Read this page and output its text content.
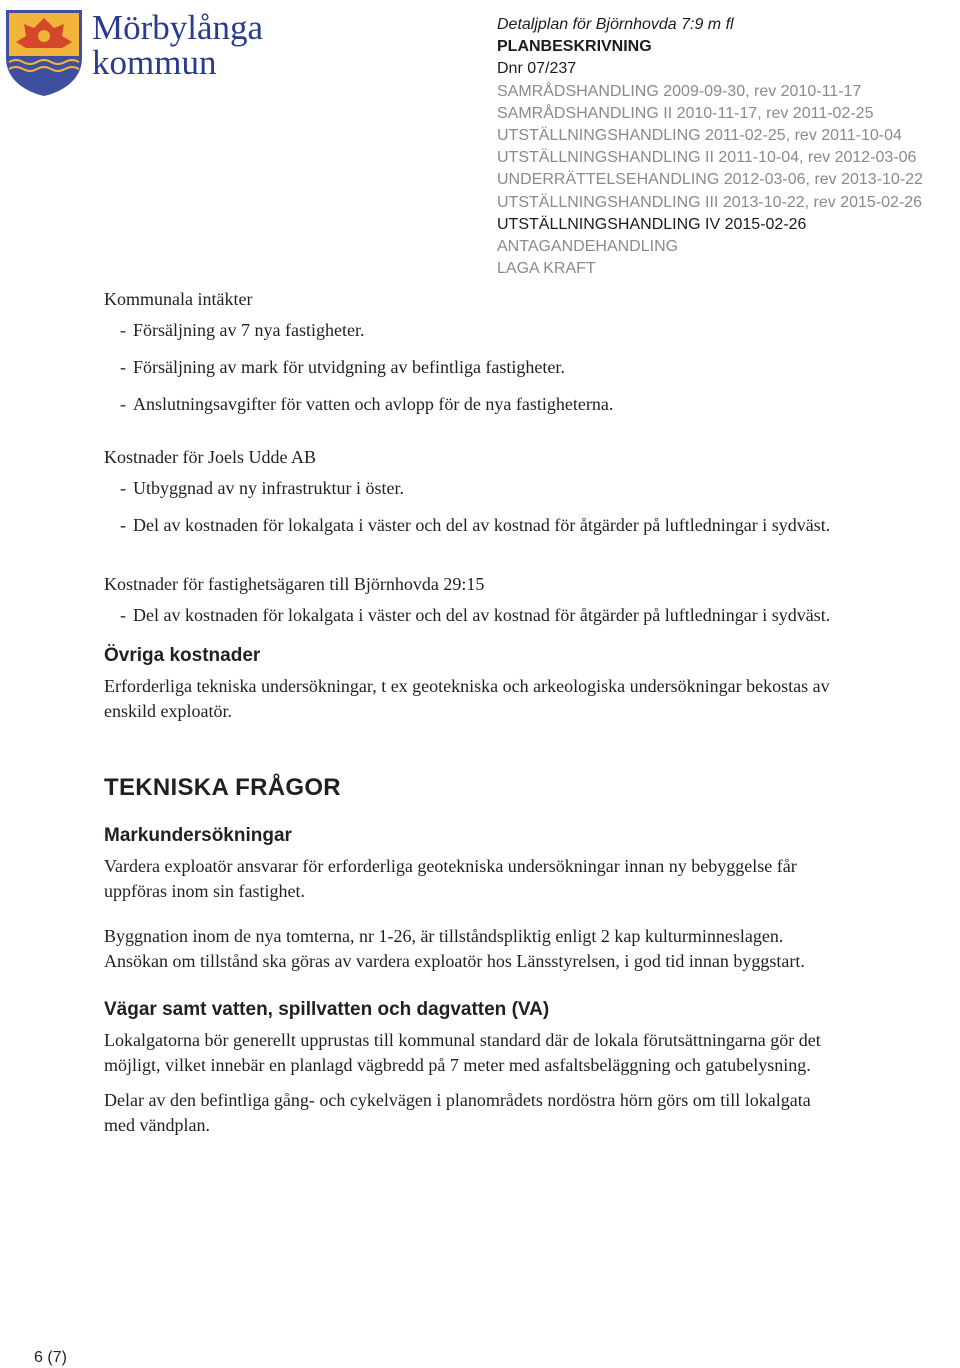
Mörbylånga
kommun
Detaljplan för Björnhovda 7:9 m fl
PLANBESKRIVNING
Dnr 07/237
SAMRÅDSHANDLING 2009-09-30, rev 2010-11-17
SAMRÅDSHANDLING II 2010-11-17, rev 2011-02-25
UTSTÄLLNINGSHANDLING 2011-02-25, rev 2011-10-04
UTSTÄLLNINGSHANDLING II 2011-10-04, rev 2012-03-06
UNDERRÄTTELSEHANDLING 2012-03-06, rev 2013-10-22
UTSTÄLLNINGSHANDLING III 2013-10-22, rev 2015-02-26
UTSTÄLLNINGSHANDLING IV 2015-02-26
ANTAGANDEHANDLING
LAGA KRAFT

Kommunala intäkter

- Försäljning av 7 nya fastigheter.
- Försäljning av mark för utvidgning av befintliga fastigheter.
- Anslutningsavgifter för vatten och avlopp för de nya fastigheterna.

Kostnader för Joels Udde AB

- Utbyggnad av ny infrastruktur i öster.
- Del av kostnaden för lokalgata i väster och del av kostnad för åtgärder på luftledningar i sydväst.

Kostnader för fastighetsägaren till Björnhovda 29:15

- Del av kostnaden för lokalgata i väster och del av kostnad för åtgärder på luftledningar i sydväst.

Övriga kostnader

Erforderliga tekniska undersökningar, t ex geotekniska och arkeologiska undersökningar bekostas av enskild exploatör.

TEKNISKA FRÅGOR

Markundersökningar

Vardera exploatör ansvarar för erforderliga geotekniska undersökningar innan ny bebyggelse får uppföras inom sin fastighet.

Byggnation inom de nya tomterna, nr 1-26, är tillståndspliktig enligt 2 kap kulturminneslagen. Ansökan om tillstånd ska göras av vardera exploatör hos Länsstyrelsen, i god tid innan byggstart.

Vägar samt vatten, spillvatten och dagvatten (VA)

Lokalgatorna bör generellt upprustas till kommunal standard där de lokala förutsättningarna gör det möjligt, vilket innebär en planlagd vägbredd på 7 meter med asfaltsbeläggning och gatubelysning.

Delar av den befintliga gång- och cykelvägen i planområdets nordöstra hörn görs om till lokalgata med vändplan.

6 (7)
